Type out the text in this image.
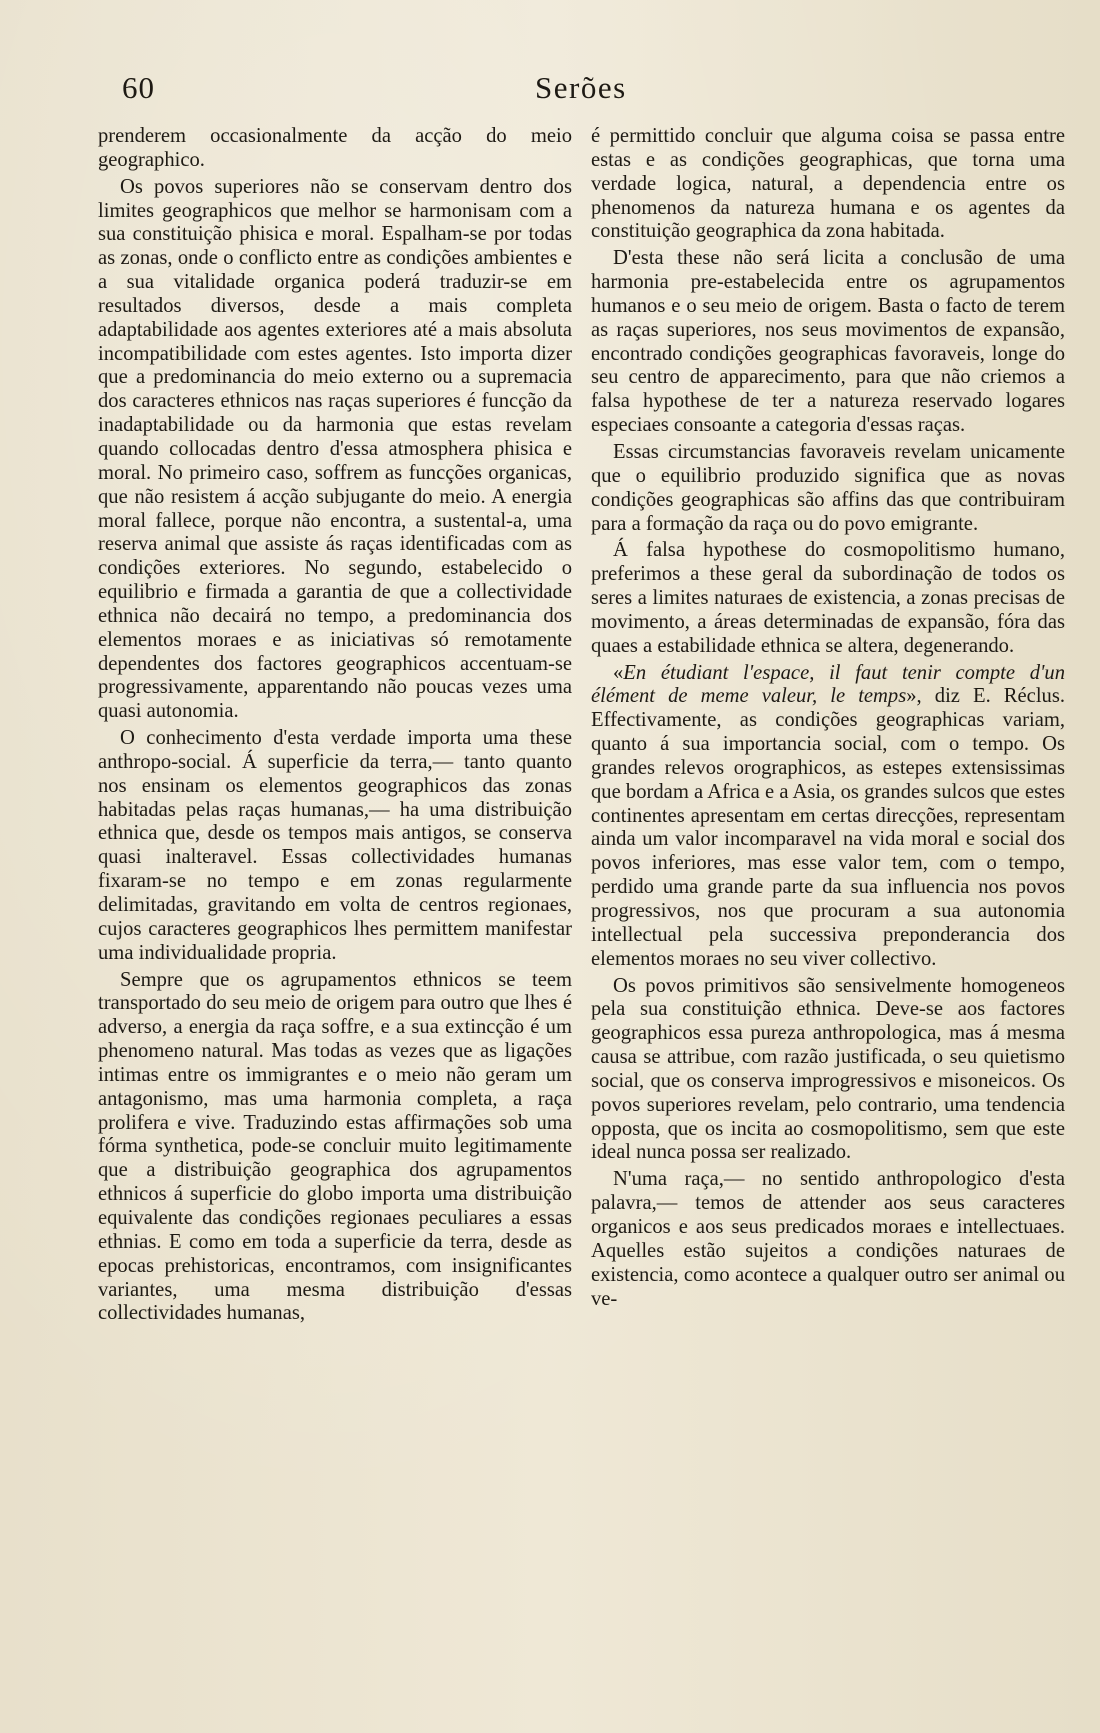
60	Serões

prenderem occasionalmente da acção do meio geographico.

Os povos superiores não se conservam dentro dos limites geographicos que melhor se harmonisam com a sua constituição phisica e moral. Espalham-se por todas as zonas, onde o conflicto entre as condições ambientes e a sua vitalidade organica poderá traduzir-se em resultados diversos, desde a mais completa adaptabilidade aos agentes exteriores até a mais absoluta incompatibilidade com estes agentes. Isto importa dizer que a predominancia do meio externo ou a supremacia dos caracteres ethnicos nas raças superiores é funcção da inadaptabilidade ou da harmonia que estas revelam quando collocadas dentro d'essa atmosphera phisica e moral. No primeiro caso, soffrem as funcções organicas, que não resistem á acção subjugante do meio. A energia moral fallece, porque não encontra, a sustental-a, uma reserva animal que assiste ás raças identificadas com as condições exteriores. No segundo, estabelecido o equilibrio e firmada a garantia de que a collectividade ethnica não decairá no tempo, a predominancia dos elementos moraes e as iniciativas só remotamente dependentes dos factores geographicos accentuam-se progressivamente, apparentando não poucas vezes uma quasi autonomia.

O conhecimento d'esta verdade importa uma these anthropo-social. Á superficie da terra,— tanto quanto nos ensinam os elementos geographicos das zonas habitadas pelas raças humanas,— ha uma distribuição ethnica que, desde os tempos mais antigos, se conserva quasi inalteravel. Essas collectividades humanas fixaram-se no tempo e em zonas regularmente delimitadas, gravitando em volta de centros regionaes, cujos caracteres geographicos lhes permittem manifestar uma individualidade propria.

Sempre que os agrupamentos ethnicos se teem transportado do seu meio de origem para outro que lhes é adverso, a energia da raça soffre, e a sua extincção é um phenomeno natural. Mas todas as vezes que as ligações intimas entre os immigrantes e o meio não geram um antagonismo, mas uma harmonia completa, a raça prolifera e vive. Traduzindo estas affirmações sob uma fórma synthetica, pode-se concluir muito legitimamente que a distribuição geographica dos agrupamentos ethnicos á superficie do globo importa uma distribuição equivalente das condições regionaes peculiares a essas ethnias. E como em toda a superficie da terra, desde as epocas prehistoricas, encontramos, com insignificantes variantes, uma mesma distribuição d'essas collectividades humanas,

é permittido concluir que alguma coisa se passa entre estas e as condições geographicas, que torna uma verdade logica, natural, a dependencia entre os phenomenos da natureza humana e os agentes da constituição geographica da zona habitada.

D'esta these não será licita a conclusão de uma harmonia pre-estabelecida entre os agrupamentos humanos e o seu meio de origem. Basta o facto de terem as raças superiores, nos seus movimentos de expansão, encontrado condições geographicas favoraveis, longe do seu centro de apparecimento, para que não criemos a falsa hypothese de ter a natureza reservado logares especiaes consoante a categoria d'essas raças.

Essas circumstancias favoraveis revelam unicamente que o equilibrio produzido significa que as novas condições geographicas são affins das que contribuiram para a formação da raça ou do povo emigrante.

Á falsa hypothese do cosmopolitismo humano, preferimos a these geral da subordinação de todos os seres a limites naturaes de existencia, a zonas precisas de movimento, a áreas determinadas de expansão, fóra das quaes a estabilidade ethnica se altera, degenerando.

«En étudiant l'espace, il faut tenir compte d'un élément de meme valeur, le temps», diz E. Réclus. Effectivamente, as condições geographicas variam, quanto á sua importancia social, com o tempo. Os grandes relevos orographicos, as estepes extensissimas que bordam a Africa e a Asia, os grandes sulcos que estes continentes apresentam em certas direcções, representam ainda um valor incomparavel na vida moral e social dos povos inferiores, mas esse valor tem, com o tempo, perdido uma grande parte da sua influencia nos povos progressivos, nos que procuram a sua autonomia intellectual pela successiva preponderancia dos elementos moraes no seu viver collectivo.

Os povos primitivos são sensivelmente homogeneos pela sua constituição ethnica. Deve-se aos factores geographicos essa pureza anthropologica, mas á mesma causa se attribue, com razão justificada, o seu quietismo social, que os conserva improgressivos e misoneicos. Os povos superiores revelam, pelo contrario, uma tendencia opposta, que os incita ao cosmopolitismo, sem que este ideal nunca possa ser realizado.

N'uma raça,— no sentido anthropologico d'esta palavra,— temos de attender aos seus caracteres organicos e aos seus predicados moraes e intellectuaes. Aquelles estão sujeitos a condições naturaes de existencia, como acontece a qualquer outro ser animal ou ve-
